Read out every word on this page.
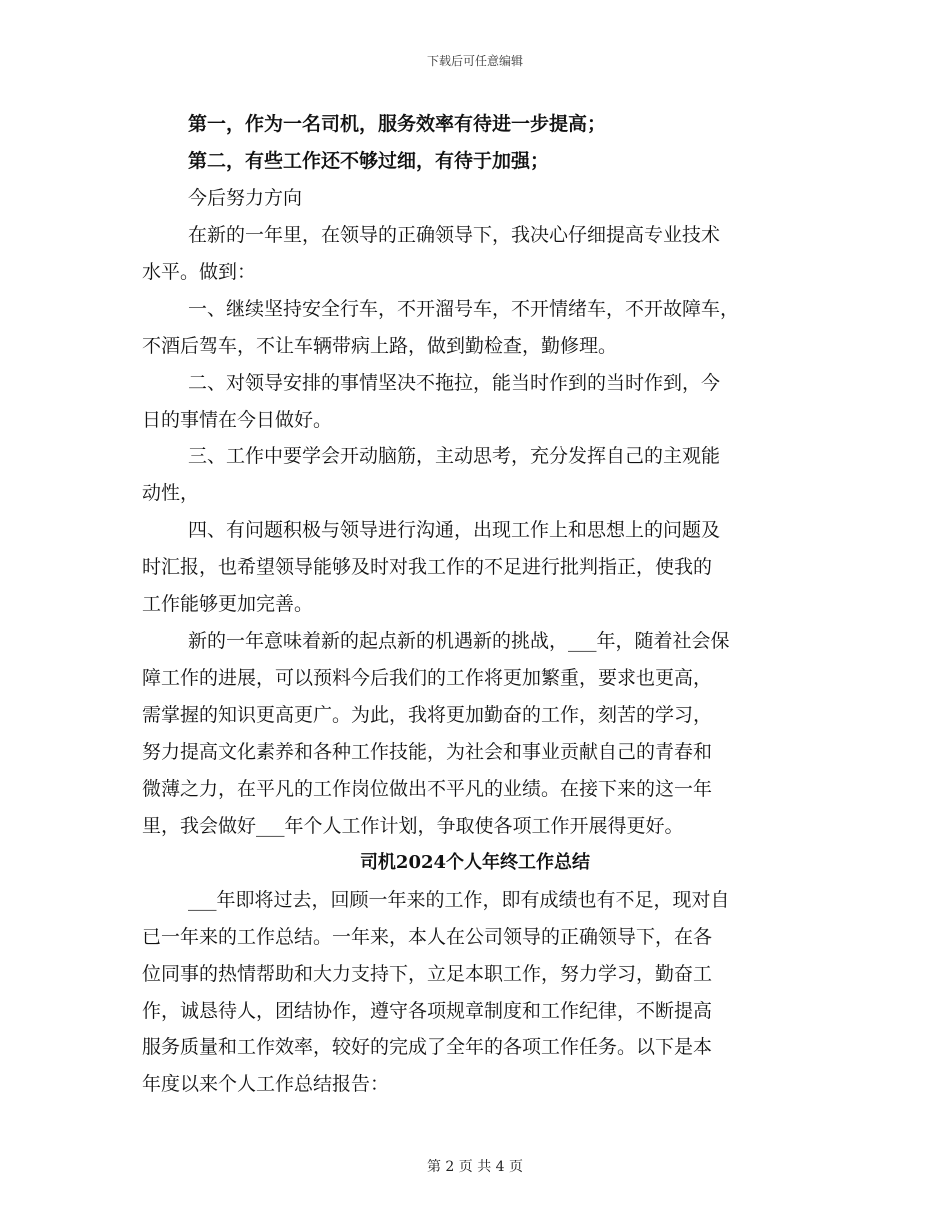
下载后可任意编辑
第一，作为一名司机，服务效率有待进一步提高；
第二，有些工作还不够过细，有待于加强；
今后努力方向
在新的一年里，在领导的正确领导下，我决心仔细提高专业技术
水平。做到：
一、继续坚持安全行车，不开溜号车，不开情绪车，不开故障车，
不酒后驾车，不让车辆带病上路，做到勤检查，勤修理。
二、对领导安排的事情坚决不拖拉，能当时作到的当时作到，今
日的事情在今日做好。
三、工作中要学会开动脑筋，主动思考，充分发挥自己的主观能
动性，
四、有问题积极与领导进行沟通，出现工作上和思想上的问题及
时汇报，也希望领导能够及时对我工作的不足进行批判指正，使我的
工作能够更加完善。
新的一年意味着新的起点新的机遇新的挑战，___年，随着社会保
障工作的进展，可以预料今后我们的工作将更加繁重，要求也更高，
需掌握的知识更高更广。为此，我将更加勤奋的工作，刻苦的学习，
努力提高文化素养和各种工作技能，为社会和事业贡献自己的青春和
微薄之力，在平凡的工作岗位做出不平凡的业绩。在接下来的这一年
里，我会做好___年个人工作计划，争取使各项工作开展得更好。
司机2024个人年终工作总结
___年即将过去，回顾一年来的工作，即有成绩也有不足，现对自
已一年来的工作总结。一年来，本人在公司领导的正确领导下，在各
位同事的热情帮助和大力支持下，立足本职工作，努力学习，勤奋工
作，诚恳待人，团结协作，遵守各项规章制度和工作纪律，不断提高
服务质量和工作效率，较好的完成了全年的各项工作任务。以下是本
年度以来个人工作总结报告：
第 2 页 共 4 页
